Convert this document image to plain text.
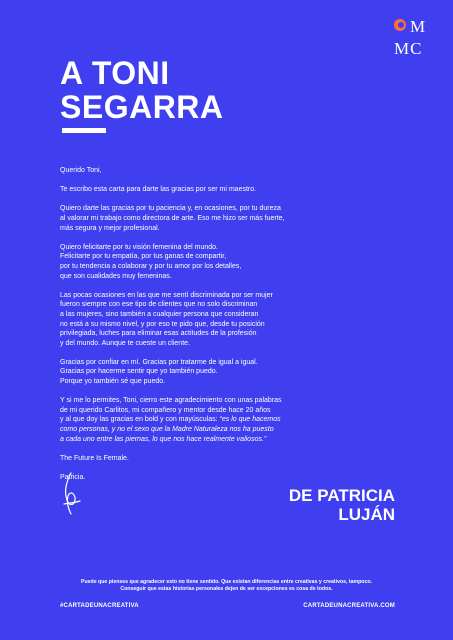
M
MC
A TONI
SEGARRA

Querido Toni,

Te escribo esta carta para darte las gracias por ser mi maestro.

Quiero darte las gracias por tu paciencia y, en ocasiones, por tu dureza
al valorar mi trabajo como directora de arte. Eso me hizo ser más fuerte,
más segura y mejor profesional.

Quiero felicitarte por tu visión femenina del mundo.
Felicitarte por tu empatía, por tus ganas de compartir,
por tu tendencia a colaborar y por tu amor por los detalles,
que son cualidades muy femeninas.

Las pocas ocasiones en las que me sentí discriminada por ser mujer
fueron siempre con ese tipo de clientes que no solo discriminan
a las mujeres, sino también a cualquier persona que consideran
no está a su mismo nivel, y por eso te pido que, desde tu posición
privilegiada, luches para eliminar esas actitudes de la profesión
y del mundo. Aunque te cueste un cliente.

Gracias por confiar en mí. Gracias por tratarme de igual a igual.
Gracias por hacerme sentir que yo también puedo.
Porque yo también sé que puedo.

Y si me lo permites, Toni, cierro este agradecimiento con unas palabras
de mi querido Carlitos, mi compañero y mentor desde hace 20 años
y al que doy las gracias en bold y con mayúsculas: “es lo que hacemos
como personas, y no el sexo que la Madre Naturaleza nos ha puesto
a cada uno entre las piernas, lo que nos hace realmente valiosos.”

The Future Is Female.

Patricia.

DE PATRICIA
LUJÁN
Puede que pienses que agradecer esto no tiene sentido. Que existan diferencias entre creativas y creativos, tampoco.
Conseguir que estas historias personales dejen de ser excepciones es cosa de todos.
#CARTADEUNACREATIVA	CARTADEUNACREATIVA.COM
